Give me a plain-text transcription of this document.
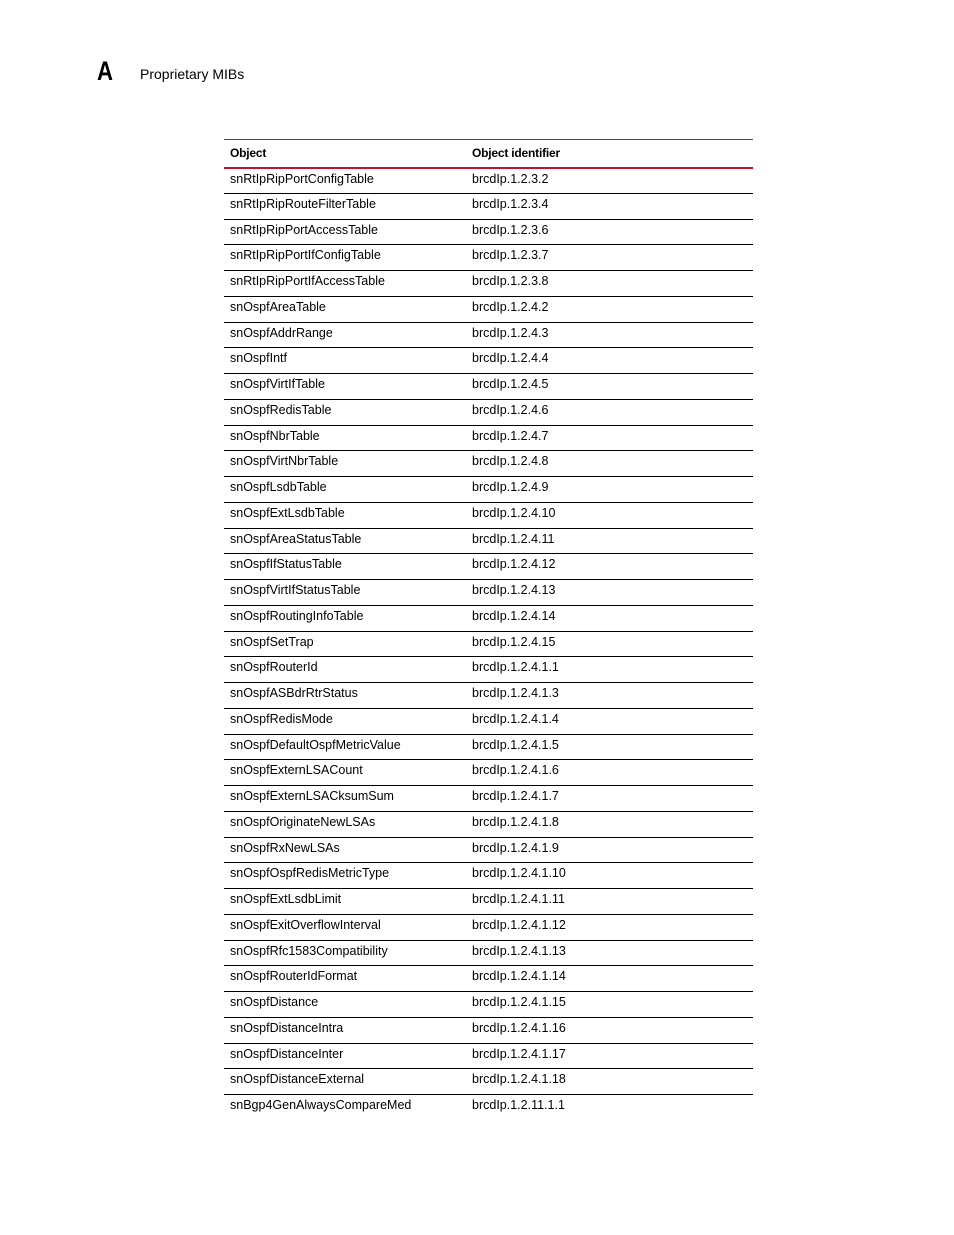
A Proprietary MIBs
Object	Object identifier
snRtIpRipPortConfigTable	brcdIp.1.2.3.2
snRtIpRipRouteFilterTable	brcdIp.1.2.3.4
snRtIpRipPortAccessTable	brcdIp.1.2.3.6
snRtIpRipPortIfConfigTable	brcdIp.1.2.3.7
snRtIpRipPortIfAccessTable	brcdIp.1.2.3.8
snOspfAreaTable	brcdIp.1.2.4.2
snOspfAddrRange	brcdIp.1.2.4.3
snOspfIntf	brcdIp.1.2.4.4
snOspfVirtIfTable	brcdIp.1.2.4.5
snOspfRedisTable	brcdIp.1.2.4.6
snOspfNbrTable	brcdIp.1.2.4.7
snOspfVirtNbrTable	brcdIp.1.2.4.8
snOspfLsdbTable	brcdIp.1.2.4.9
snOspfExtLsdbTable	brcdIp.1.2.4.10
snOspfAreaStatusTable	brcdIp.1.2.4.11
snOspfIfStatusTable	brcdIp.1.2.4.12
snOspfVirtIfStatusTable	brcdIp.1.2.4.13
snOspfRoutingInfoTable	brcdIp.1.2.4.14
snOspfSetTrap	brcdIp.1.2.4.15
snOspfRouterId	brcdIp.1.2.4.1.1
snOspfASBdrRtrStatus	brcdIp.1.2.4.1.3
snOspfRedisMode	brcdIp.1.2.4.1.4
snOspfDefaultOspfMetricValue	brcdIp.1.2.4.1.5
snOspfExternLSACount	brcdIp.1.2.4.1.6
snOspfExternLSACksumSum	brcdIp.1.2.4.1.7
snOspfOriginateNewLSAs	brcdIp.1.2.4.1.8
snOspfRxNewLSAs	brcdIp.1.2.4.1.9
snOspfOspfRedisMetricType	brcdIp.1.2.4.1.10
snOspfExtLsdbLimit	brcdIp.1.2.4.1.11
snOspfExitOverflowInterval	brcdIp.1.2.4.1.12
snOspfRfc1583Compatibility	brcdIp.1.2.4.1.13
snOspfRouterIdFormat	brcdIp.1.2.4.1.14
snOspfDistance	brcdIp.1.2.4.1.15
snOspfDistanceIntra	brcdIp.1.2.4.1.16
snOspfDistanceInter	brcdIp.1.2.4.1.17
snOspfDistanceExternal	brcdIp.1.2.4.1.18
snBgp4GenAlwaysCompareMed	brcdIp.1.2.11.1.1
